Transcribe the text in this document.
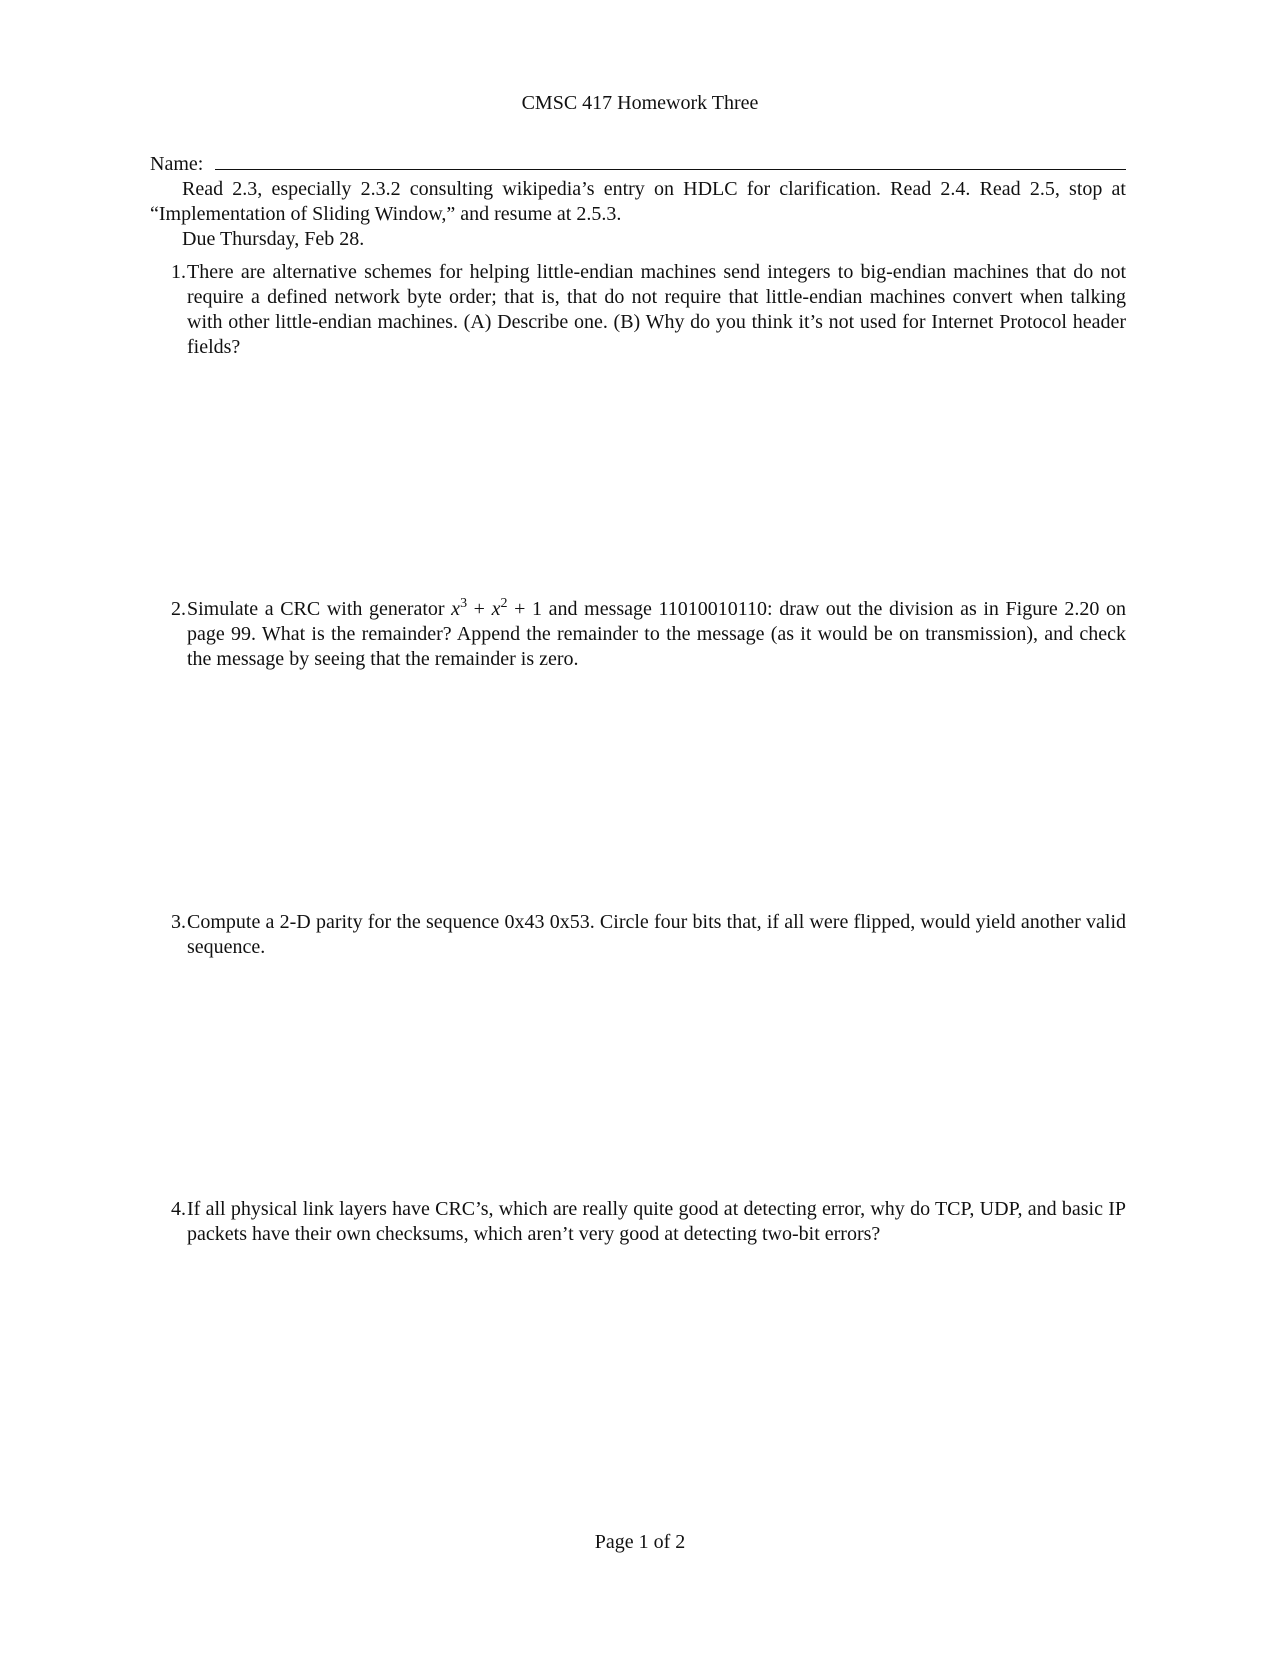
CMSC 417 Homework Three
Name:
Read 2.3, especially 2.3.2 consulting wikipedia’s entry on HDLC for clarification. Read 2.4. Read 2.5, stop at “Implementation of Sliding Window,” and resume at 2.5.3.
Due Thursday, Feb 28.
1. There are alternative schemes for helping little-endian machines send integers to big-endian machines that do not require a defined network byte order; that is, that do not require that little-endian machines convert when talking with other little-endian machines. (A) Describe one. (B) Why do you think it’s not used for Internet Protocol header fields?
2. Simulate a CRC with generator $x^3 + x^2 + 1$ and message 11010010110: draw out the division as in Figure 2.20 on page 99. What is the remainder? Append the remainder to the message (as it would be on transmission), and check the message by seeing that the remainder is zero.
3. Compute a 2-D parity for the sequence 0x43 0x53. Circle four bits that, if all were flipped, would yield another valid sequence.
4. If all physical link layers have CRC’s, which are really quite good at detecting error, why do TCP, UDP, and basic IP packets have their own checksums, which aren’t very good at detecting two-bit errors?
Page 1 of 2
